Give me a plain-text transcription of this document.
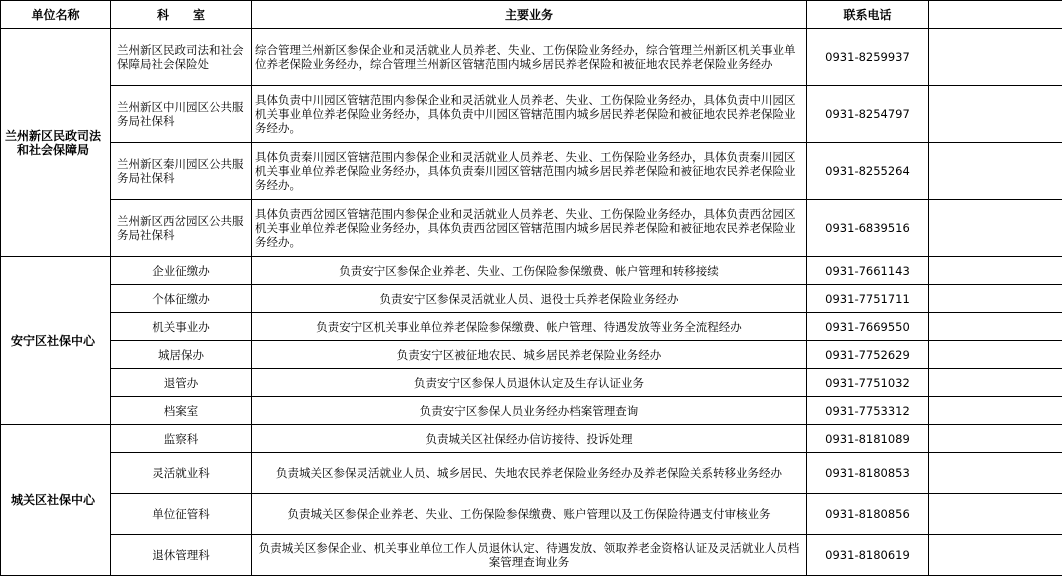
单位名称	科　　室	主要业务	联系电话	
兰州新区民政司法和社会保障局	兰州新区民政司法和社会保障局社会保险处	综合管理兰州新区参保企业和灵活就业人员养老、失业、工伤保险业务经办，综合管理兰州新区机关事业单位养老保险业务经办，综合管理兰州新区管辖范围内城乡居民养老保险和被征地农民养老保险业务经办	0931-8259937	
	兰州新区中川园区公共服务局社保科	具体负责中川园区管辖范围内参保企业和灵活就业人员养老、失业、工伤保险业务经办，具体负责中川园区机关事业单位养老保险业务经办，具体负责中川园区管辖范围内城乡居民养老保险和被征地农民养老保险业务经办。	0931-8254797	
	兰州新区秦川园区公共服务局社保科	具体负责秦川园区管辖范围内参保企业和灵活就业人员养老、失业、工伤保险业务经办，具体负责秦川园区机关事业单位养老保险业务经办，具体负责秦川园区管辖范围内城乡居民养老保险和被征地农民养老保险业务经办。	0931-8255264	
	兰州新区西岔园区公共服务局社保科	具体负责西岔园区管辖范围内参保企业和灵活就业人员养老、失业、工伤保险业务经办，具体负责西岔园区机关事业单位养老保险业务经办，具体负责西岔园区管辖范围内城乡居民养老保险和被征地农民养老保险业务经办。	0931-6839516	
安宁区社保中心	企业征缴办	负责安宁区参保企业养老、失业、工伤保险参保缴费、帐户管理和转移接续	0931-7661143	
	个体征缴办	负责安宁区参保灵活就业人员、退役士兵养老保险业务经办	0931-7751711	
	机关事业办	负责安宁区机关事业单位养老保险参保缴费、帐户管理、待遇发放等业务全流程经办	0931-7669550	
	城居保办	负责安宁区被征地农民、城乡居民养老保险业务经办	0931-7752629	
	退管办	负责安宁区参保人员退休认定及生存认证业务	0931-7751032	
	档案室	负责安宁区参保人员业务经办档案管理查询	0931-7753312	
城关区社保中心	监察科	负责城关区社保经办信访接待、投诉处理	0931-8181089	
	灵活就业科	负责城关区参保灵活就业人员、城乡居民、失地农民养老保险业务经办及养老保险关系转移业务经办	0931-8180853	
	单位征管科	负责城关区参保企业养老、失业、工伤保险参保缴费、账户管理以及工伤保险待遇支付审核业务	0931-8180856	
	退休管理科	负责城关区参保企业、机关事业单位工作人员退休认定、待遇发放、领取养老金资格认证及灵活就业人员档案管理查询业务	0931-8180619	
